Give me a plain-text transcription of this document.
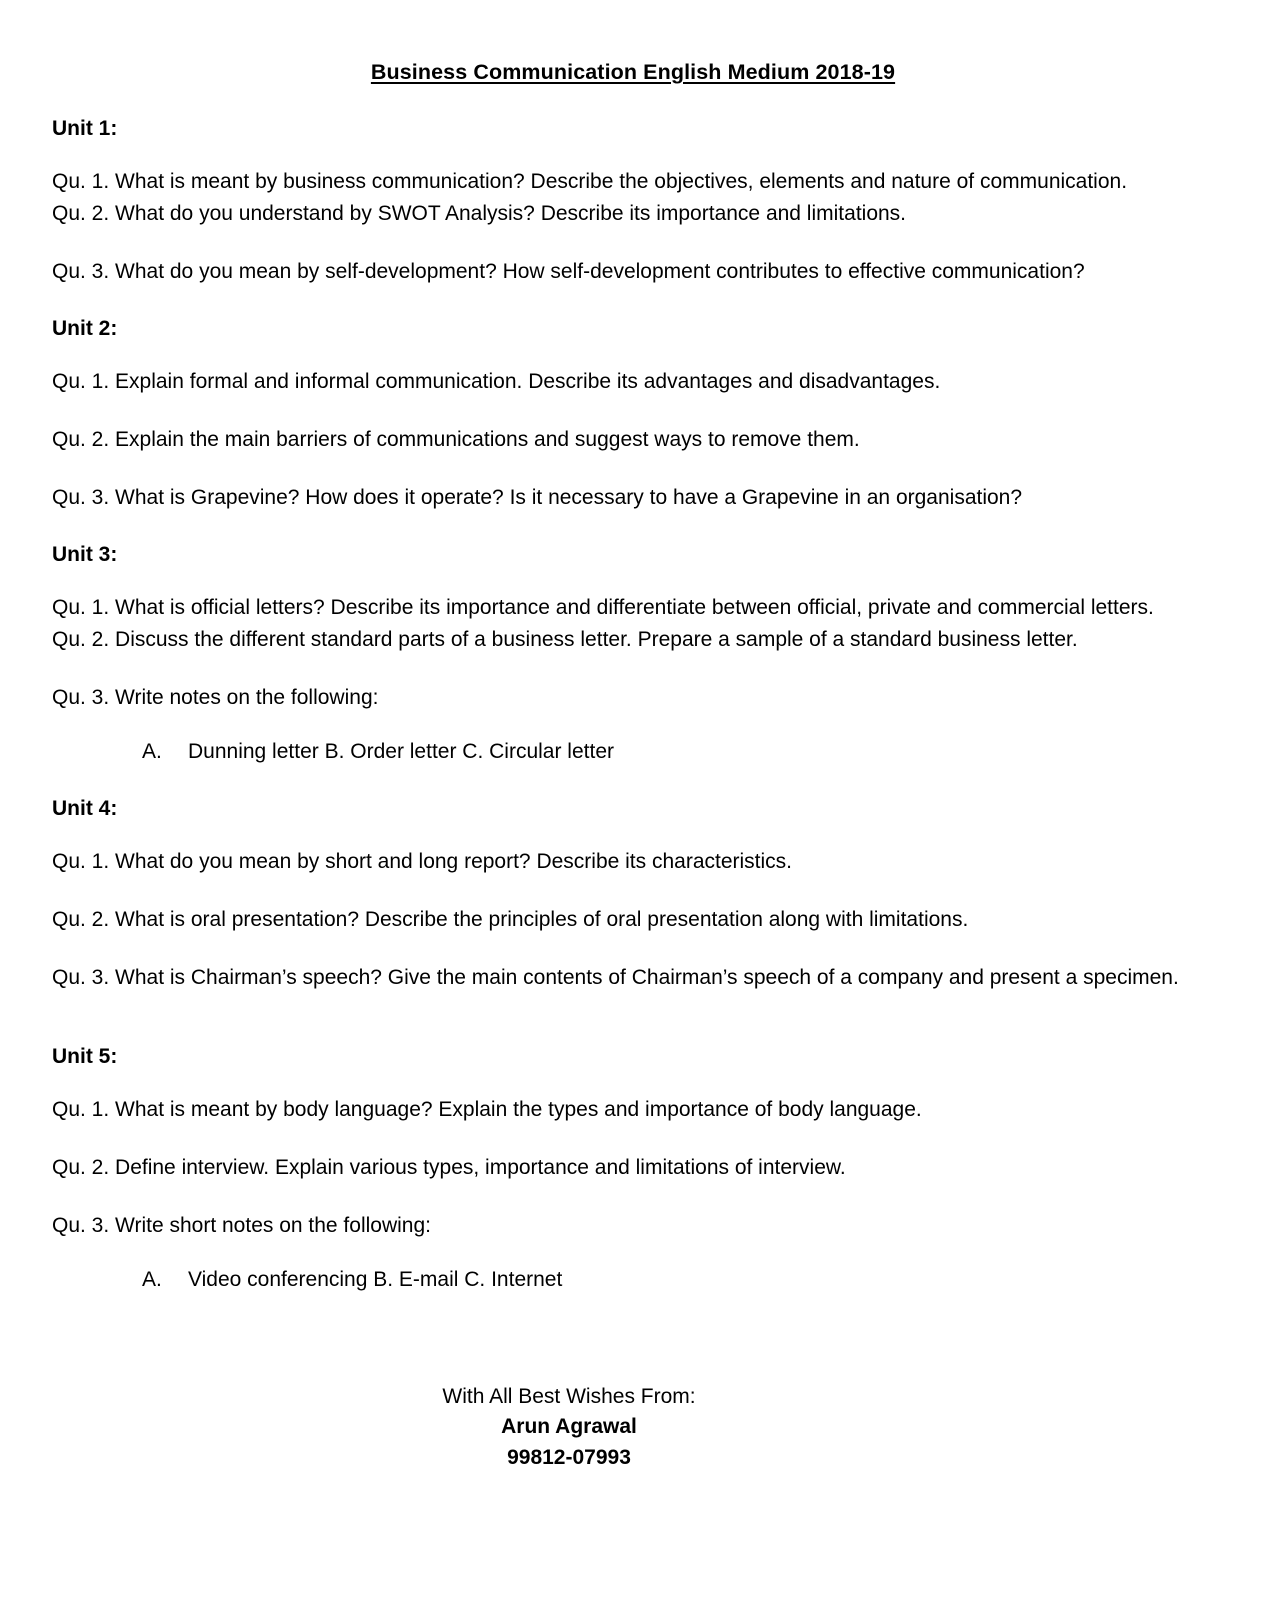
Business Communication English Medium 2018-19
Unit 1:
Qu. 1. What is meant by business communication? Describe the objectives, elements and nature of communication.
Qu. 2. What do you understand by SWOT Analysis? Describe its importance and limitations.
Qu. 3. What do you mean by self-development? How self-development contributes to effective communication?
Unit 2:
Qu. 1. Explain formal and informal communication. Describe its advantages and disadvantages.
Qu. 2. Explain the main barriers of communications and suggest ways to remove them.
Qu. 3. What is Grapevine? How does it operate? Is it necessary to have a Grapevine in an organisation?
Unit 3:
Qu. 1. What is official letters? Describe its importance and differentiate between official, private and commercial letters.
Qu. 2. Discuss the different standard parts of a business letter. Prepare a sample of a standard business letter.
Qu. 3. Write notes on the following:
A. Dunning letter B. Order letter C. Circular letter
Unit 4:
Qu. 1. What do you mean by short and long report? Describe its characteristics.
Qu. 2. What is oral presentation? Describe the principles of oral presentation along with limitations.
Qu. 3. What is Chairman’s speech? Give the main contents of Chairman’s speech of a company and present a specimen.
Unit 5:
Qu. 1. What is meant by body language? Explain the types and importance of body language.
Qu. 2. Define interview. Explain various types, importance and limitations of interview.
Qu. 3. Write short notes on the following:
A. Video conferencing B. E-mail C. Internet
With All Best Wishes From:
Arun Agrawal
99812-07993
